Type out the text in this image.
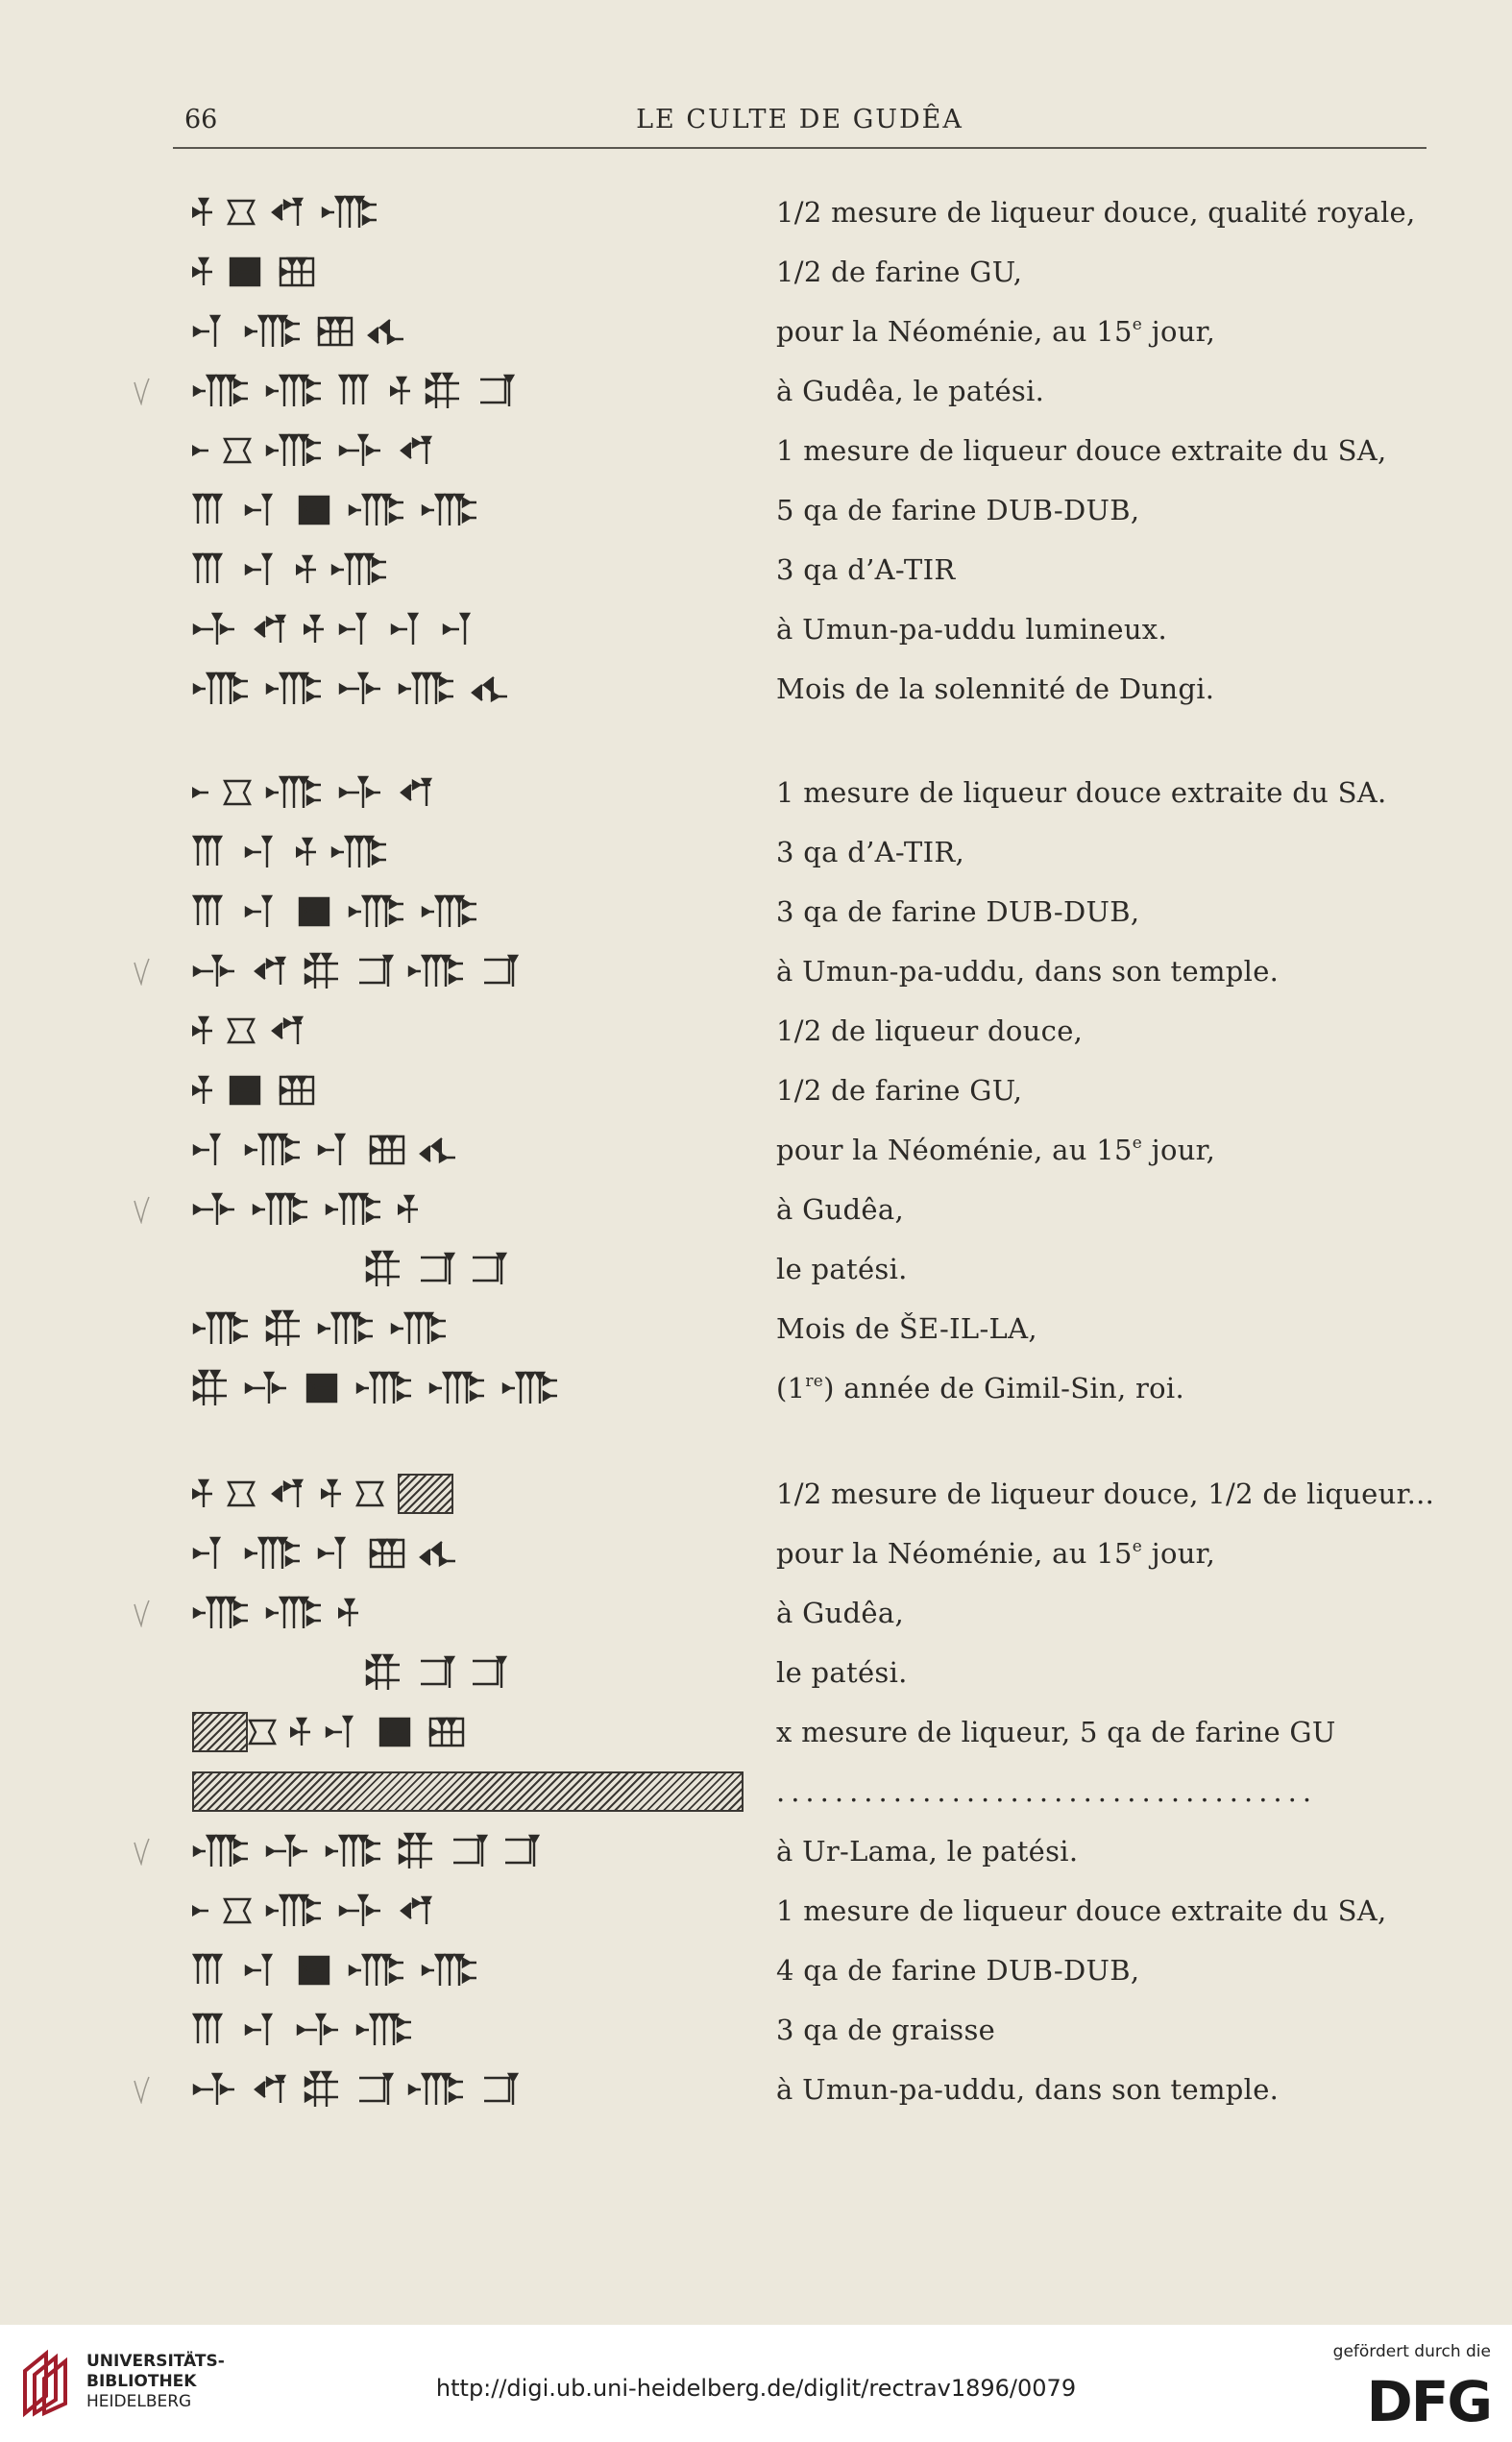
66	LE CULTE DE GUDÊA
1/2 mesure de liqueur douce, qualité royale,
1/2 de farine GU,
pour la Néoménie, au 15e jour,
à Gudêa, le patési.
1 mesure de liqueur douce extraite du SA,
5 qa de farine DUB-DUB,
3 qa d’A-TIR
à Umun-pa-uddu lumineux.
Mois de la solennité de Dungi.
1 mesure de liqueur douce extraite du SA.
3 qa d’A-TIR,
3 qa de farine DUB-DUB,
à Umun-pa-uddu, dans son temple.
1/2 de liqueur douce,
1/2 de farine GU,
pour la Néoménie, au 15e jour,
à Gudêa,
le patési.
Mois de ŠE-IL-LA,
(1re) année de Gimil-Sin, roi.
1/2 mesure de liqueur douce, 1/2 de liqueur...
pour la Néoménie, au 15e jour,
à Gudêa,
le patési.
x mesure de liqueur, 5 qa de farine GU
.....................................
à Ur-Lama, le patési.
1 mesure de liqueur douce extraite du SA,
4 qa de farine DUB-DUB,
3 qa de graisse
à Umun-pa-uddu, dans son temple.
UNIVERSITÄTS-
BIBLIOTHEK
HEIDELBERG	http://digi.ub.uni-heidelberg.de/diglit/rectrav1896/0079
gefördert durch die
DFG
